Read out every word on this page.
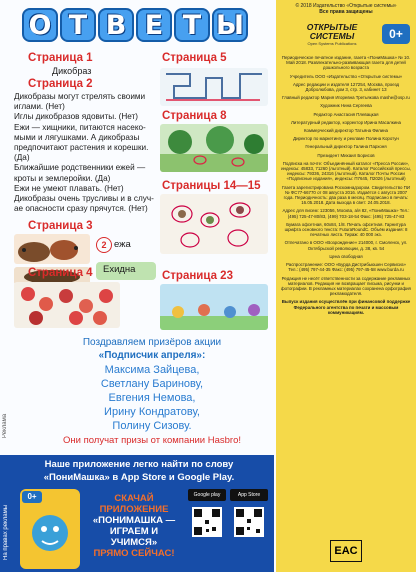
О Т В Е Т Ы
Страница 1
Дикобраз
Страница 2
Дикобразы могут стрелять своими
иглами. (Нет)
Иглы дикобразов ядовиты. (Нет)
Ежи — хищники, питаются насеко-
мыми и лягушками. А дикобразы
предпочитают растения и корешки.
(Да)
Ближайшие родственники ежей —
кроты и землеройки. (Да)
Ежи не умеют плавать. (Нет)
Дикобразы очень трусливы и в случ-
ае опасности сразу прячутся. (Нет)
Страница 3
2 ежа
Ехидна
Страница 4
Страница 5
Страница 8
Страницы 14—15
Страница 23
Поздравляем призёров акции
«Подписчик апреля»:
Максима Зайцева,
Светлану Баринову,
Евгения Немова,
Ирину Кондратову,
Полину Сизову.
Они получат призы от компании Hasbro!
Реклама
© 2018 Издательство «Открытые системы»
Все права защищены
ОТКРЫТЫЕ
СИСТЕМЫ
Open Systems Publications
0+
Периодическое печатное издание, газета «ПониМашка» № 10. Май 2018. Развлекательно-развивающая газета для детей дошкольного возраста
Учредитель ООО «Издательство «Открытые системы»
Адрес редакции и издателя 127254, Москва, проезд Добролюбова, дом 3, стр. 3, кабинет 13
Главный редактор Мария Игоревна Третьякова mashe@osp.ru
Художник Нина Сергеева
Редактор Анастасия Плевацкая
Литературный редактор, корректор Ирина Масалкина
Коммерческий директор Татьяна Филина
Директор по маркетингу и рекламе Полина Коротун
Генеральный директор Галина Пархоня
Президент Михаил Борисов
Подписка на почте: Объединённый каталог «Пресса России», индексы: 45833, 71260 (льготный). Каталог Российской прессы, индексы: 79336, 24316 (льготный). Каталог Почты России «Подписные издания», индексы: П7645, П2026 (льготный)
Газета зарегистрирована Роскомнадзором. Свидетельство ПИ № ФС77-66770 от 08 августа 2016. Издаётся с августа 2007 года. Периодичность: два раза в месяц. Подписано в печать: 16.05.2018. Дата выхода в свет: 24.05.2018.
Адрес для писем: 123056, Москва, а/я 82, «ПониМашка» Тел.: (495) 725-47-80/83, (499) 703-18-54 Факс: (495) 725-47-83
Бумага офсетная, 60х84, 1/8. Печать офсетная. Гарнитура шрифта основного текста: FuturaRoundC. Объём издания: 8 печатных листа. Тираж: 40 000 экз.
Отпечатано в ООО «Возрождение» 214000, г. Смоленск, ул. Октябрьской революции, д. 38, кв. 54
Цена свободная
Распространение: ООО «Бурда Дистрибьюшен Сервисиз» Тел.: (495) 797-44-35 Факс: (495) 797-45-58 www.burda.ru
Редакция не несёт ответственности за содержание рекламных материалов. Редакция не возвращает письма, рисунки и фотографии. В рекламных материалах сохранена орфография рекламодателя.
Выпуск издания осуществлён при финансовой поддержке Федерального агентства по печати и массовым коммуникациям.
EAC
Наше приложение легко найти по слову
«ПониМашка» в App Store и Google Play.
0+	СКАЧАЙ
ПРИЛОЖЕНИЕ
«ПОНИМАШКА —
ИГРАЕМ И УЧИМСЯ»
ПРЯМО СЕЙЧАС!
Google play	App Store
На правах рекламы
